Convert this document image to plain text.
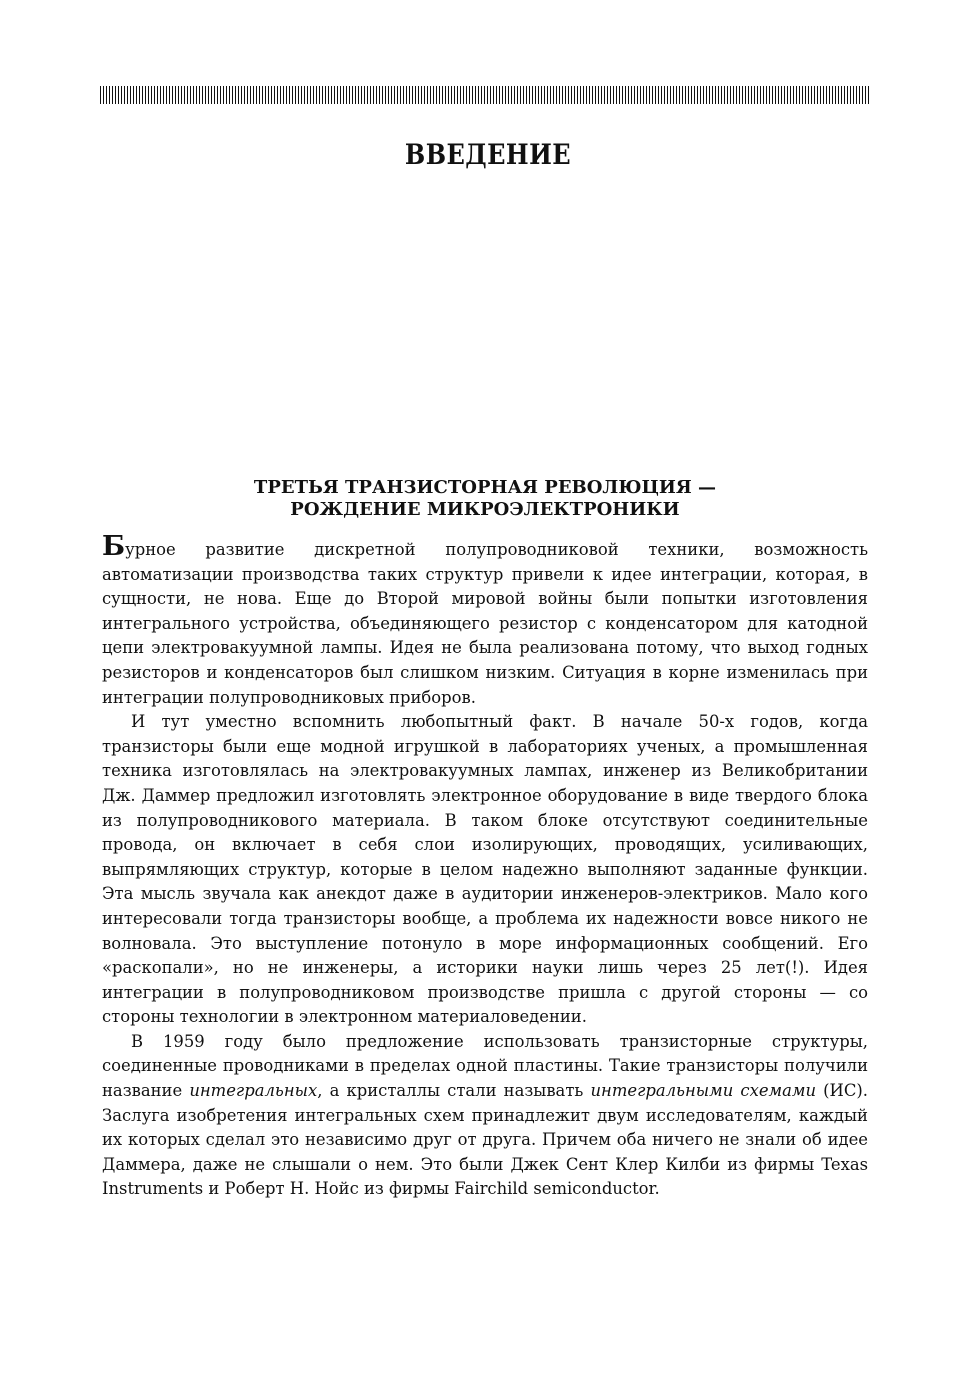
ВВЕДЕНИЕ
ТРЕТЬЯ ТРАНЗИСТОРНАЯ РЕВОЛЮЦИЯ —
РОЖДЕНИЕ МИКРОЭЛЕКТРОНИКИ

Бурное развитие дискретной полупроводниковой техники, возможность автоматизации производства таких структур привели к идее интеграции, которая, в сущности, не нова. Еще до Второй мировой войны были попытки изготовления интегрального устройства, объединяющего резистор с конденсатором для катодной цепи электровакуумной лампы. Идея не была реализована потому, что выход годных резисторов и конденсаторов был слишком низким. Ситуация в корне изменилась при интеграции полупроводниковых приборов.

И тут уместно вспомнить любопытный факт. В начале 50-х годов, когда транзисторы были еще модной игрушкой в лабораториях ученых, а промышленная техника изготовлялась на электровакуумных лампах, инженер из Великобритании Дж. Даммер предложил изготовлять электронное оборудование в виде твердого блока из полупроводникового материала. В таком блоке отсутствуют соединительные провода, он включает в себя слои изолирующих, проводящих, усиливающих, выпрямляющих структур, которые в целом надежно выполняют заданные функции. Эта мысль звучала как анекдот даже в аудитории инженеров-электриков. Мало кого интересовали тогда транзисторы вообще, а проблема их надежности вовсе никого не волновала. Это выступление потонуло в море информационных сообщений. Его «раскопали», но не инженеры, а историки науки лишь через 25 лет(!). Идея интеграции в полупроводниковом производстве пришла с другой стороны — со стороны технологии в электронном материаловедении.

В 1959 году было предложение использовать транзисторные структуры, соединенные проводниками в пределах одной пластины. Такие транзисторы получили название интегральных, а кристаллы стали называть интегральными схемами (ИС). Заслуга изобретения интегральных схем принадлежит двум исследователям, каждый их которых сделал это независимо друг от друга. Причем оба ничего не знали об идее Даммера, даже не слышали о нем. Это были Джек Сент Клер Килби из фирмы Texas Instruments и Роберт Н. Нойс из фирмы Fairchild semiconductor.
